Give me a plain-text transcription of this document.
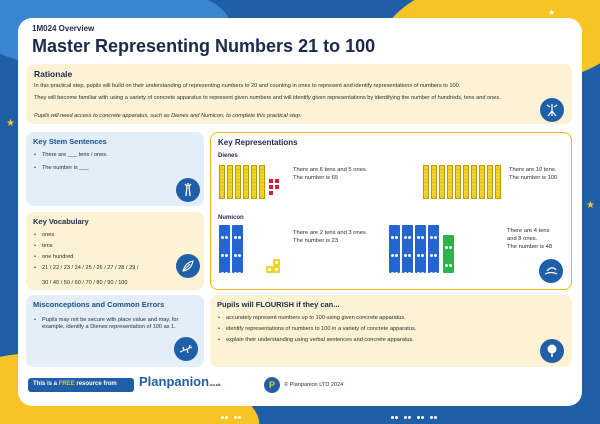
★
★
★
1M024 Overview
Master Representing Numbers 21 to 100
Rationale

In this practical step, pupils will build on their understanding of representing numbers to 20 and counting in ones to represent and identify representations of numbers to 100.

They will become familiar with using a variety of concrete apparatus to represent given numbers and will identify given representations by identifying the number of hundreds, tens and ones.

Pupils will need access to concrete apparatus, such as Dienes and Numicon, to complete this practical step.

Key Stem Sentences
• There are ___ tens / ones.
• The number is ___
Key Vocabulary
• ones
• tens
• one hundred
• 21 / 22 / 23 / 24 / 25 / 26 / 27 / 28 / 29 /
30 / 40 / 50 / 60 / 70 / 80 / 90 / 100
Misconceptions and Common Errors
• Pupils may not be secure with place value and may, for example, identify a Dienes representation of 100 as 1.
Key Representations
Dienes
There are 6 tens and 5 ones.
The number is 65
There are 10 tens.
The number is 100
Numicon
There are 2 tens and 3 ones.
The number is 23
There are 4 tens
and 8 ones.
The number is 48
Pupils will FLOURISH if they can...
• accurately represent numbers up to 100 using given concrete apparatus.
• identify representations of numbers to 100 in a variety of concrete apparatus.
• explain their understanding using verbal sentences and concrete apparatus.
This is a FREE resource from	Planpanion.co.uk	P	© Planpanion LTD 2024
